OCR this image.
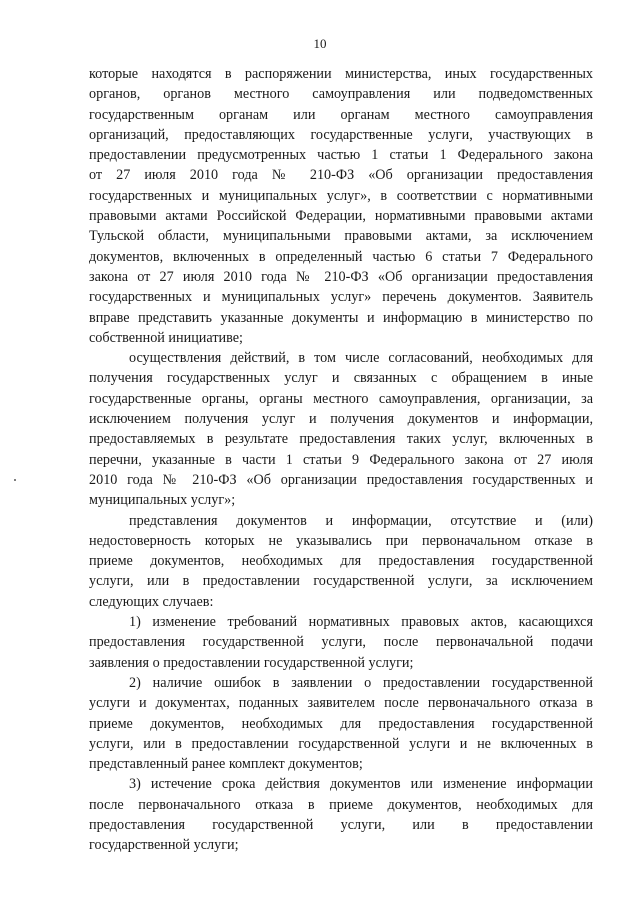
10

которые находятся в распоряжении министерства, иных государственных
органов, органов местного самоуправления или подведомственных
государственным органам или органам местного самоуправления
организаций, предоставляющих государственные услуги, участвующих в
предоставлении предусмотренных частью 1 статьи 1 Федерального закона
от 27 июля 2010 года № 210-ФЗ «Об организации предоставления
государственных и муниципальных услуг», в соответствии с нормативными
правовыми актами Российской Федерации, нормативными правовыми актами
Тульской области, муниципальными правовыми актами, за исключением
документов, включенных в определенный частью 6 статьи 7 Федерального
закона от 27 июля 2010 года № 210-ФЗ «Об организации предоставления
государственных и муниципальных услуг» перечень документов. Заявитель
вправе представить указанные документы и информацию в министерство по
собственной инициативе;

осуществления действий, в том числе согласований, необходимых для
получения государственных услуг и связанных с обращением в иные
государственные органы, органы местного самоуправления, организации, за
исключением получения услуг и получения документов и информации,
предоставляемых в результате предоставления таких услуг, включенных в
перечни, указанные в части 1 статьи 9 Федерального закона от 27 июля
2010 года № 210-ФЗ «Об организации предоставления государственных и
муниципальных услуг»;

представления документов и информации, отсутствие и (или)
недостоверность которых не указывались при первоначальном отказе в
приеме документов, необходимых для предоставления государственной
услуги, или в предоставлении государственной услуги, за исключением
следующих случаев:

1) изменение требований нормативных правовых актов, касающихся
предоставления государственной услуги, после первоначальной подачи
заявления о предоставлении государственной услуги;

2) наличие ошибок в заявлении о предоставлении государственной
услуги и документах, поданных заявителем после первоначального отказа в
приеме документов, необходимых для предоставления государственной
услуги, или в предоставлении государственной услуги и не включенных в
представленный ранее комплект документов;

3) истечение срока действия документов или изменение информации
после первоначального отказа в приеме документов, необходимых для
предоставления государственной услуги, или в предоставлении
государственной услуги;
